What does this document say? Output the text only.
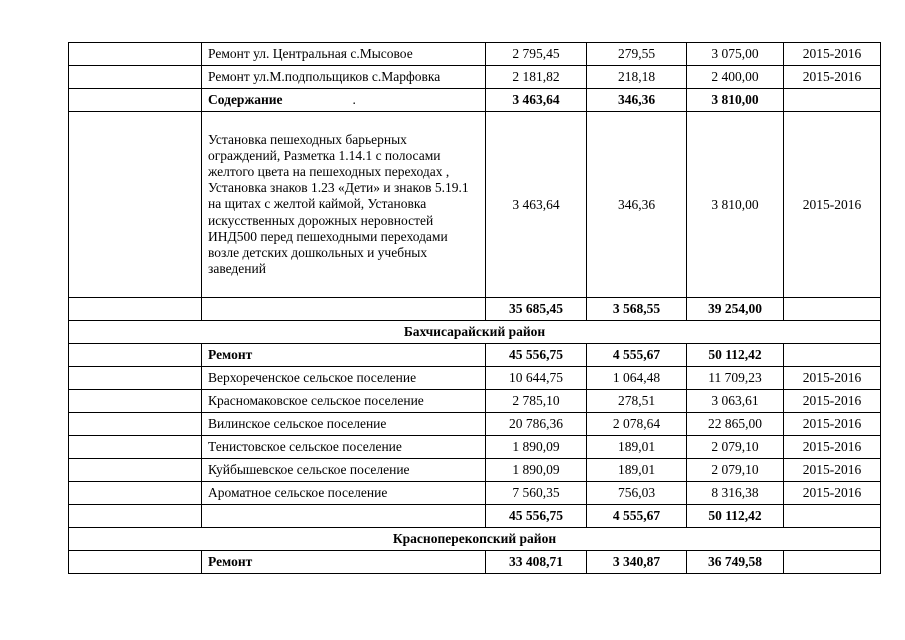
	Ремонт ул. Центральная с.Мысовое	2 795,45	279,55	3 075,00	2015-2016
	Ремонт ул.М.подпольщиков с.Марфовка	2 181,82	218,18	2 400,00	2015-2016
	Содержание .	3 463,64	346,36	3 810,00	
	Установка пешеходных барьерных ограждений, Разметка 1.14.1 с полосами желтого цвета на пешеходных переходах , Установка знаков 1.23 «Дети» и знаков 5.19.1 на щитах с желтой каймой, Установка искусственных дорожных неровностей ИНД500 перед пешеходными переходами возле детских дошкольных и учебных заведений	3 463,64	346,36	3 810,00	2015-2016
		35 685,45	3 568,55	39 254,00	
Бахчисарайский район					
	Ремонт	45 556,75	4 555,67	50 112,42	
	Верхореченское сельское поселение	10 644,75	1 064,48	11 709,23	2015-2016
	Красномаковское сельское поселение	2 785,10	278,51	3 063,61	2015-2016
	Вилинское сельское поселение	20 786,36	2 078,64	22 865,00	2015-2016
	Тенистовское сельское поселение	1 890,09	189,01	2 079,10	2015-2016
	Куйбышевское сельское поселение	1 890,09	189,01	2 079,10	2015-2016
	Ароматное сельское поселение	7 560,35	756,03	8 316,38	2015-2016
		45 556,75	4 555,67	50 112,42	
Красноперекопский район					
	Ремонт	33 408,71	3 340,87	36 749,58	
